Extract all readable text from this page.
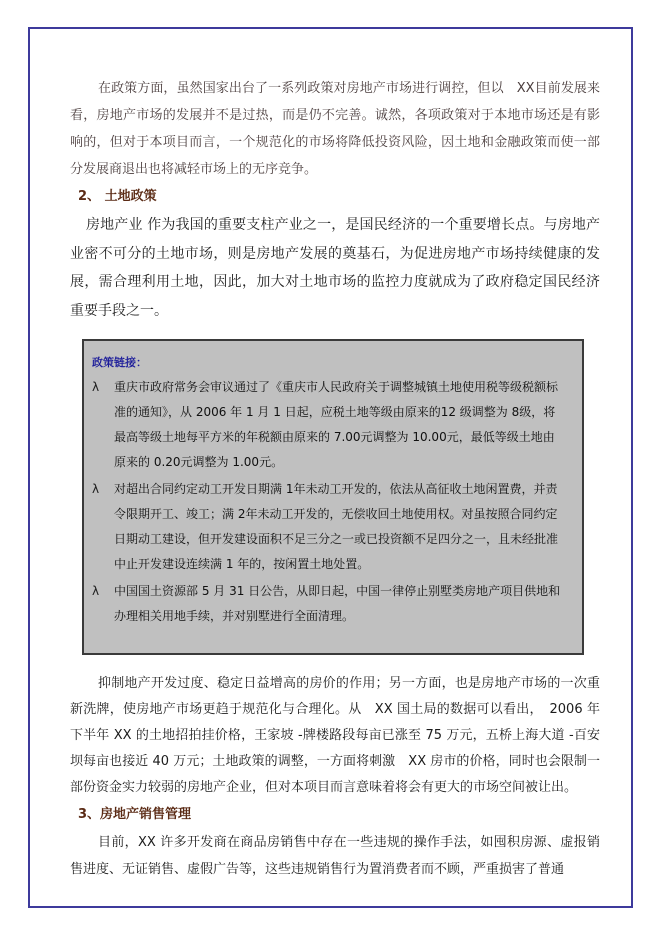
在政策方面，虽然国家出台了一系列政策对房地产市场进行调控，但以　XX目前发展来看，房地产市场的发展并不是过热，而是仍不完善。诚然，各项政策对于本地市场还是有影响的，但对于本项目而言，一个规范化的市场将降低投资风险，因土地和金融政策而使一部分发展商退出也将减轻市场上的无序竞争。

2、 土地政策

房地产业 作为我国的重要支柱产业之一，是国民经济的一个重要增长点。与房地产业密不可分的土地市场，则是房地产发展的奠基石，为促进房地产市场持续健康的发展，需合理利用土地，因此，加大对土地市场的监控力度就成为了政府稳定国民经济重要手段之一。

政策链接：
λ	重庆市政府常务会审议通过了《重庆市人民政府关于调整城镇土地使用税等级税额标准的通知》，从 2006 年 1 月 1 日起，应税土地等级由原来的12 级调整为 8级，将最高等级土地每平方米的年税额由原来的 7.00元调整为 10.00元，最低等级土地由原来的 0.20元调整为 1.00元。
λ	对超出合同约定动工开发日期满 1年未动工开发的，依法从高征收土地闲置费，并责令限期开工、竣工；满 2年未动工开发的，无偿收回土地使用权。对虽按照合同约定日期动工建设，但开发建设面积不足三分之一或已投资额不足四分之一，且未经批准中止开发建设连续满 1 年的，按闲置土地处置。
λ	中国国土资源部 5 月 31 日公告，从即日起，中国一律停止别墅类房地产项目供地和办理相关用地手续，并对别墅进行全面清理。

抑制地产开发过度、稳定日益增高的房价的作用；另一方面，也是房地产市场的一次重新洗牌，使房地产市场更趋于规范化与合理化。从　XX 国土局的数据可以看出，　2006 年下半年 XX 的土地招拍挂价格，王家坡 -牌楼路段每亩已涨至 75 万元，五桥上海大道 -百安坝每亩也接近 40 万元；土地政策的调整，一方面将刺激　XX 房市的价格，同时也会限制一部份资金实力较弱的房地产企业，但对本项目而言意味着将会有更大的市场空间被让出。

3、房地产销售管理

目前，XX 许多开发商在商品房销售中存在一些违规的操作手法，如囤积房源、虚报销售进度、无证销售、虚假广告等，这些违规销售行为置消费者而不顾，严重损害了普通
